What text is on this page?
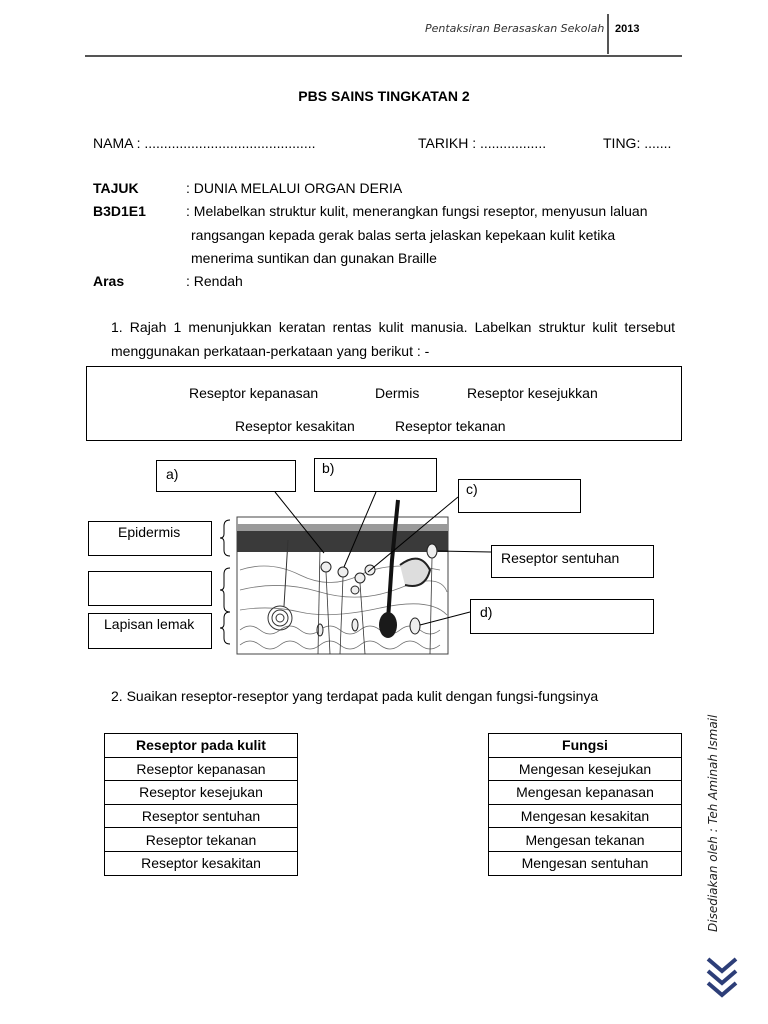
Pentaksiran Berasaskan Sekolah 2013
PBS SAINS TINGKATAN 2
NAMA : ............................................	TARIKH : .................	TING: .......
TAJUK	: DUNIA MELALUI ORGAN DERIA
B3D1E1	: Melabelkan struktur kulit, menerangkan fungsi reseptor, menyusun laluan
rangsangan kepada gerak balas serta jelaskan kepekaan kulit ketika
menerima suntikan dan gunakan Braille
Aras	: Rendah
1. Rajah 1 menunjukkan keratan rentas kulit manusia. Labelkan struktur kulit tersebut
menggunakan perkataan-perkataan yang berikut : -
Reseptor kepanasan	Dermis	Reseptor kesejukkan
Reseptor kesakitan	Reseptor tekanan
a)	b)
c)
Epidermis
Lapisan lemak
Reseptor sentuhan
d)
2. Suaikan reseptor-reseptor yang terdapat pada kulit dengan fungsi-fungsinya
Reseptor pada kulit
Reseptor kepanasan
Reseptor kesejukan
Reseptor sentuhan
Reseptor tekanan
Reseptor kesakitan
Fungsi
Mengesan kesejukan
Mengesan kepanasan
Mengesan kesakitan
Mengesan tekanan
Mengesan sentuhan	Disediakan oleh : Teh Aminah Ismail
